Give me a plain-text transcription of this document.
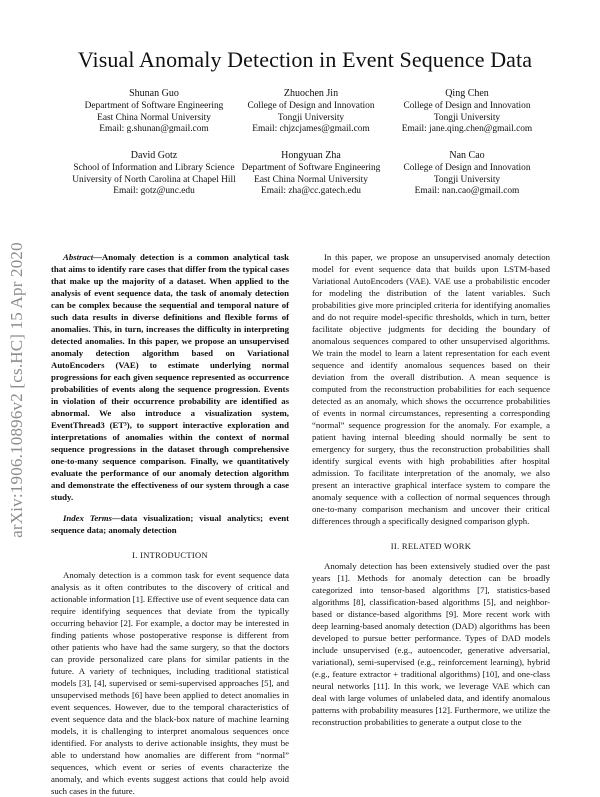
Visual Anomaly Detection in Event Sequence Data
Shunan Guo
Department of Software Engineering
East China Normal University
Email: g.shunan@gmail.com
Zhuochen Jin
College of Design and Innovation
Tongji University
Email: chjzcjames@gmail.com
Qing Chen
College of Design and Innovation
Tongji University
Email: jane.qing.chen@gmail.com
David Gotz
School of Information and Library Science
University of North Carolina at Chapel Hill
Email: gotz@unc.edu
Hongyuan Zha
Department of Software Engineering
East China Normal University
Email: zha@cc.gatech.edu
Nan Cao
College of Design and Innovation
Tongji University
Email: nan.cao@gmail.com
arXiv:1906.10896v2 [cs.HC] 15 Apr 2020	Abstract—Anomaly detection is a common analytical task that aims to identify rare cases that differ from the typical cases that make up the majority of a dataset. When applied to the analysis of event sequence data, the task of anomaly detection can be complex because the sequential and temporal nature of such data results in diverse definitions and flexible forms of anomalies. This, in turn, increases the difficulty in interpreting detected anomalies. In this paper, we propose an unsupervised anomaly detection algorithm based on Variational AutoEncoders (VAE) to estimate underlying normal progressions for each given sequence represented as occurrence probabilities of events along the sequence progression. Events in violation of their occurrence probability are identified as abnormal. We also introduce a visualization system, EventThread3 (ET³), to support interactive exploration and interpretations of anomalies within the context of normal sequence progressions in the dataset through comprehensive one-to-many sequence comparison. Finally, we quantitatively evaluate the performance of our anomaly detection algorithm and demonstrate the effectiveness of our system through a case study.

Index Terms—data visualization; visual analytics; event sequence data; anomaly detection

I. INTRODUCTION

Anomaly detection is a common task for event sequence data analysis as it often contributes to the discovery of critical and actionable information [1]. Effective use of event sequence data can require identifying sequences that deviate from the typically occurring behavior [2]. For example, a doctor may be interested in finding patients whose postoperative response is different from other patients who have had the same surgery, so that the doctors can provide personalized care plans for similar patients in the future. A variety of techniques, including traditional statistical models [3], [4], supervised or semi-supervised approaches [5], and unsupervised methods [6] have been applied to detect anomalies in event sequences. However, due to the temporal characteristics of event sequence data and the black-box nature of machine learning models, it is challenging to interpret anomalous sequences once identified. For analysts to derive actionable insights, they must be able to understand how anomalies are different from “normal” sequences, which event or series of events characterize the anomaly, and which events suggest actions that could help avoid such cases in the future.

In this paper, we propose an unsupervised anomaly detection model for event sequence data that builds upon LSTM-based Variational AutoEncoders (VAE). VAE use a probabilistic encoder for modeling the distribution of the latent variables. Such probabilities give more principled criteria for identifying anomalies and do not require model-specific thresholds, which in turn, better facilitate objective judgments for deciding the boundary of anomalous sequences compared to other unsupervised algorithms. We train the model to learn a latent representation for each event sequence and identify anomalous sequences based on their deviation from the overall distribution. A mean sequence is computed from the reconstruction probabilities for each sequence detected as an anomaly, which shows the occurrence probabilities of events in normal circumstances, representing a corresponding “normal” sequence progression for the anomaly. For example, a patient having internal bleeding should normally be sent to emergency for surgery, thus the reconstruction probabilities shall identify surgical events with high probabilities after hospital admission. To facilitate interpretation of the anomaly, we also present an interactive graphical interface system to compare the anomaly sequence with a collection of normal sequences through one-to-many comparison mechanism and uncover their critical differences through a specifically designed comparison glyph.

II. RELATED WORK

Anomaly detection has been extensively studied over the past years [1]. Methods for anomaly detection can be broadly categorized into tensor-based algorithms [7], statistics-based algorithms [8], classification-based algorithms [5], and neighbor-based or distance-based algorithms [9]. More recent work with deep learning-based anomaly detection (DAD) algorithms has been developed to pursue better performance. Types of DAD models include unsupervised (e.g., autoencoder, generative adversarial, variational), semi-supervised (e.g., reinforcement learning), hybrid (e.g., feature extractor + traditional algorithms) [10], and one-class neural networks [11]. In this work, we leverage VAE which can deal with large volumes of unlabeled data, and identify anomalous patterns with probability measures [12]. Furthermore, we utilize the reconstruction probabilities to generate a output close to the
